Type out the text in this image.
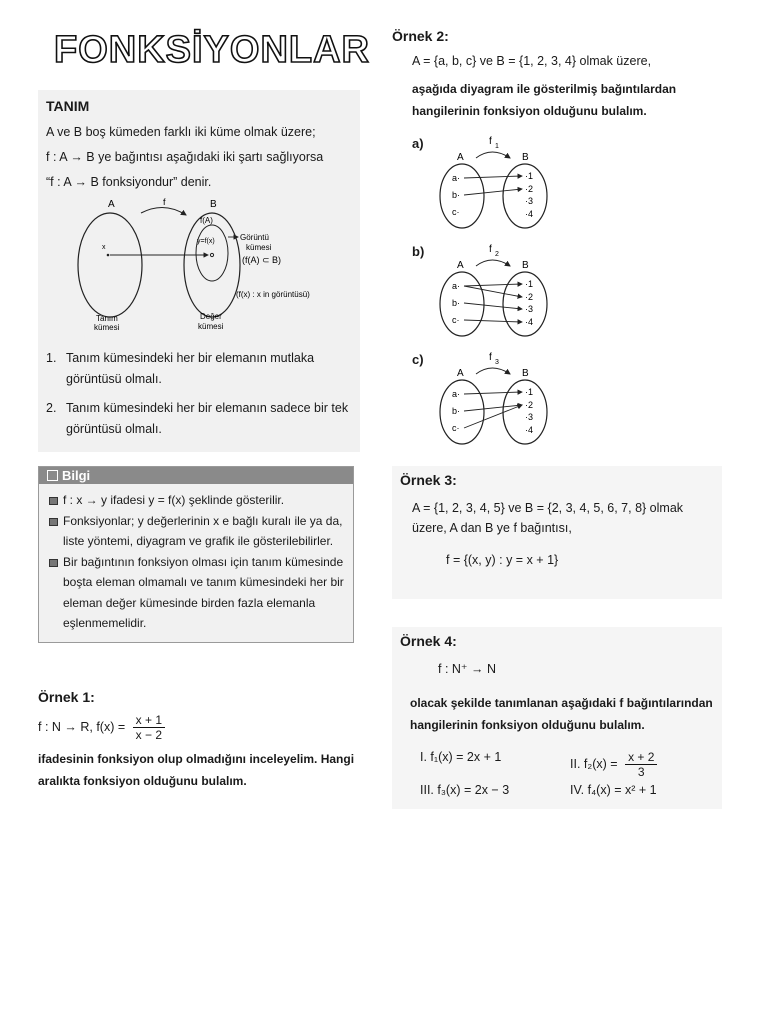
FONKSİYONLAR

TANIM

A ve B boş kümeden farklı iki küme olmak üzere;

f : A → B ye bağıntısı aşağıdaki iki şartı sağlıyorsa

“f : A → B fonksiyondur” denir.

A	f	B
f(A)
x
y=f(x)	Görüntü
kümesi
(f(A) ⊂ B)
(f(x) : x in görüntüsü)
Tanım
kümesi
Değer
kümesi
1. Tanım kümesindeki her bir elemanın mutlaka görüntüsü olmalı.
2. Tanım kümesindeki her bir elemanın sadece bir tek görüntüsü olmalı.
Bilgi
f : x → y ifadesi y = f(x) şeklinde gösterilir.
Fonksiyonlar; y değerlerinin x e bağlı kuralı ile ya da, liste yöntemi, diyagram ve grafik ile gösterilebilirler.
Bir bağıntının fonksiyon olması için tanım kümesinde boşta eleman olmamalı ve tanım kümesindeki her bir eleman değer kümesinde birden fazla elemanla eşlenmemelidir.

Örnek 1:

f : N → R, $f(x) = \frac{x + 1}{x - 2}$

ifadesinin fonksiyon olup olmadığını inceleyelim. Hangi aralıkta fonksiyon olduğunu bulalım.

Örnek 2:

A = {a, b, c} ve B = {1, 2, 3, 4} olmak üzere,

aşağıda diyagram ile gösterilmiş bağıntılardan hangilerinin fonksiyon olduğunu bulalım.

a)
A	B
f 1
a·
b·
c·
·1
·2
·3
·4
b)
A	B
f 2
a·
b·
c·
·1
·2
·3
·4
c)
A	B
f 3
a·
b·
c·
·1
·2
·3
·4

Örnek 3:

A = {1, 2, 3, 4, 5} ve B = {2, 3, 4, 5, 6, 7, 8} olmak üzere, A dan B ye f bağıntısı,

f = {(x, y) : y = x + 1}

Örnek 4:

f : N⁺ → N

olacak şekilde tanımlanan aşağıdaki f bağıntılarından hangilerinin fonksiyon olduğunu bulalım.

I. f₁(x) = 2x + 1	II. $f_2(x) = \frac{x + 2}{3}$
III. f₃(x) = 2x − 3	IV. f₄(x) = x² + 1
